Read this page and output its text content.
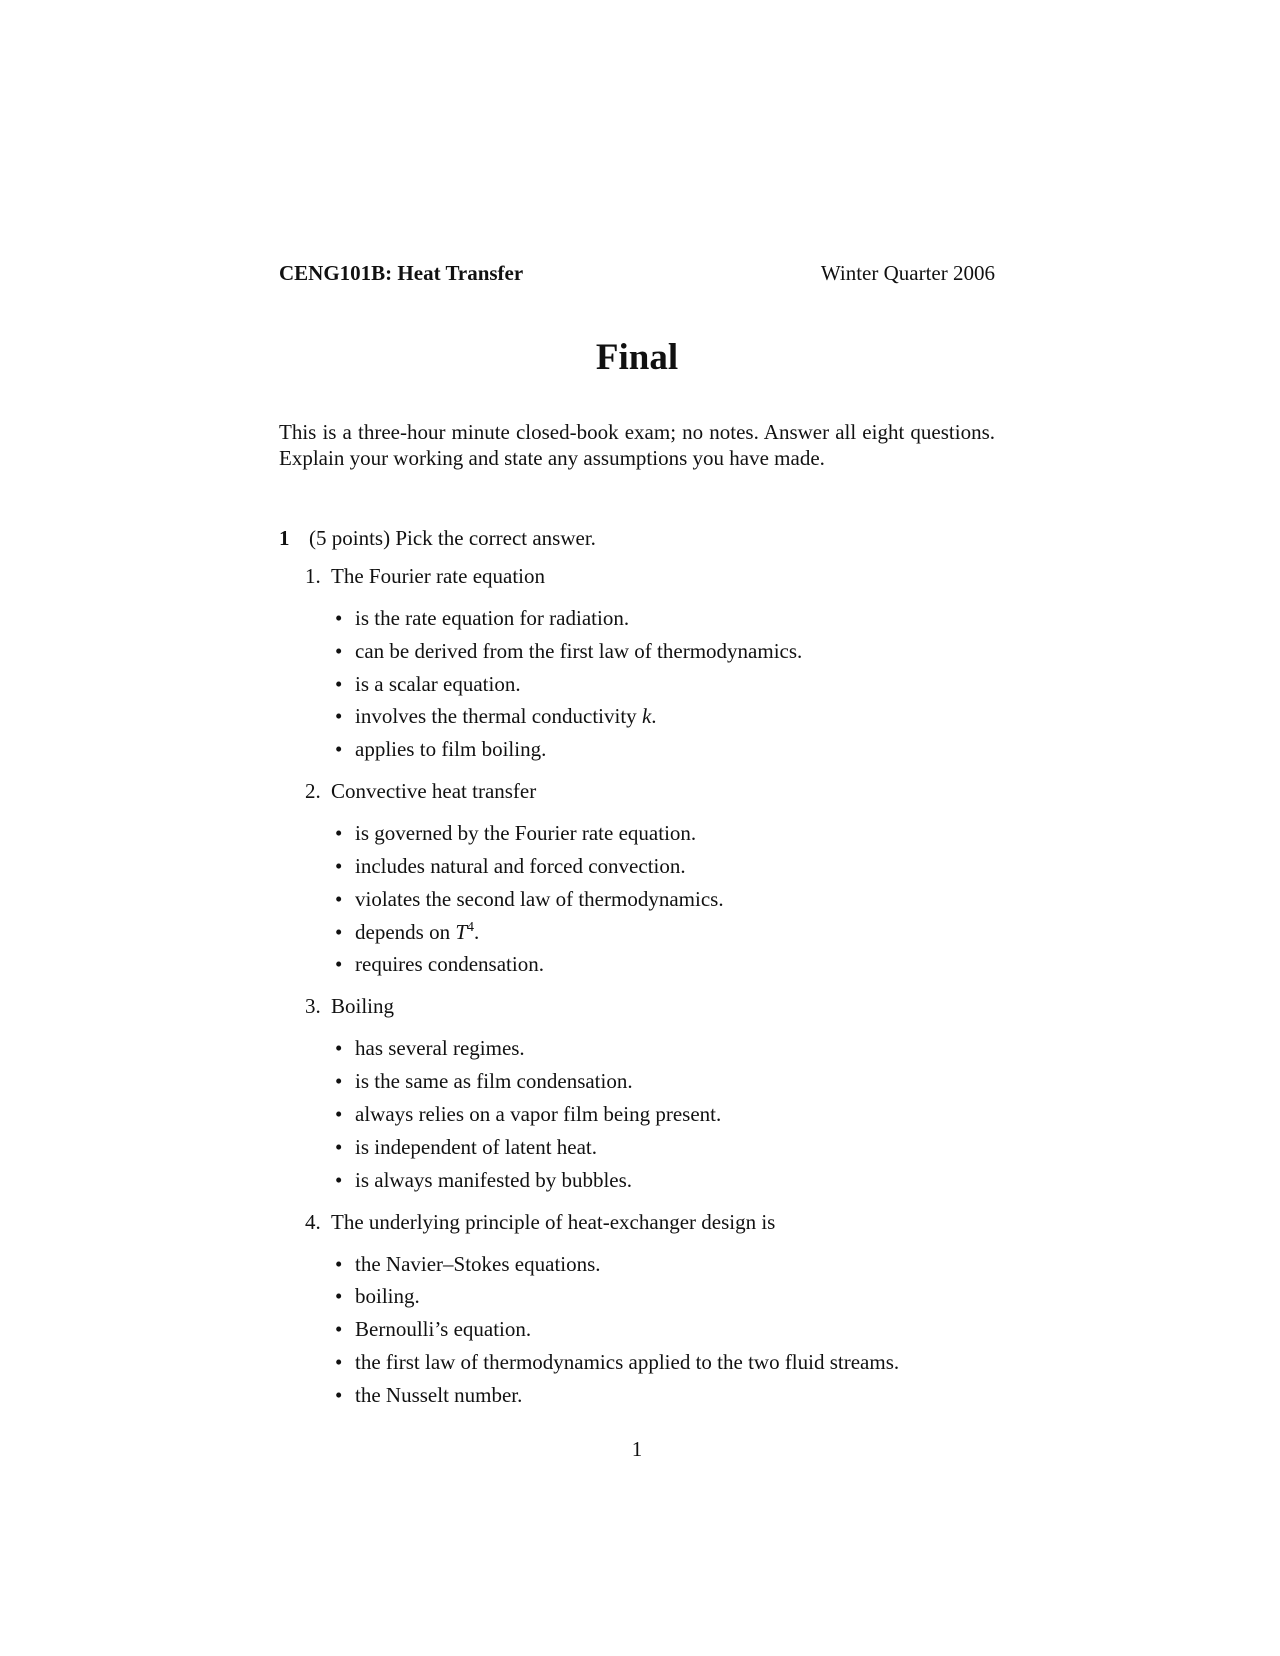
CENG101B: Heat Transfer	Winter Quarter 2006
Final
This is a three-hour minute closed-book exam; no notes. Answer all eight questions. Explain your working and state any assumptions you have made.
1 (5 points) Pick the correct answer.
1. The Fourier rate equation
• is the rate equation for radiation.
• can be derived from the first law of thermodynamics.
• is a scalar equation.
• involves the thermal conductivity k.
• applies to film boiling.
2. Convective heat transfer
• is governed by the Fourier rate equation.
• includes natural and forced convection.
• violates the second law of thermodynamics.
• depends on $T^4$.
• requires condensation.
3. Boiling
• has several regimes.
• is the same as film condensation.
• always relies on a vapor film being present.
• is independent of latent heat.
• is always manifested by bubbles.
4. The underlying principle of heat-exchanger design is
• the Navier–Stokes equations.
• boiling.
• Bernoulli’s equation.
• the first law of thermodynamics applied to the two fluid streams.
• the Nusselt number.
1
